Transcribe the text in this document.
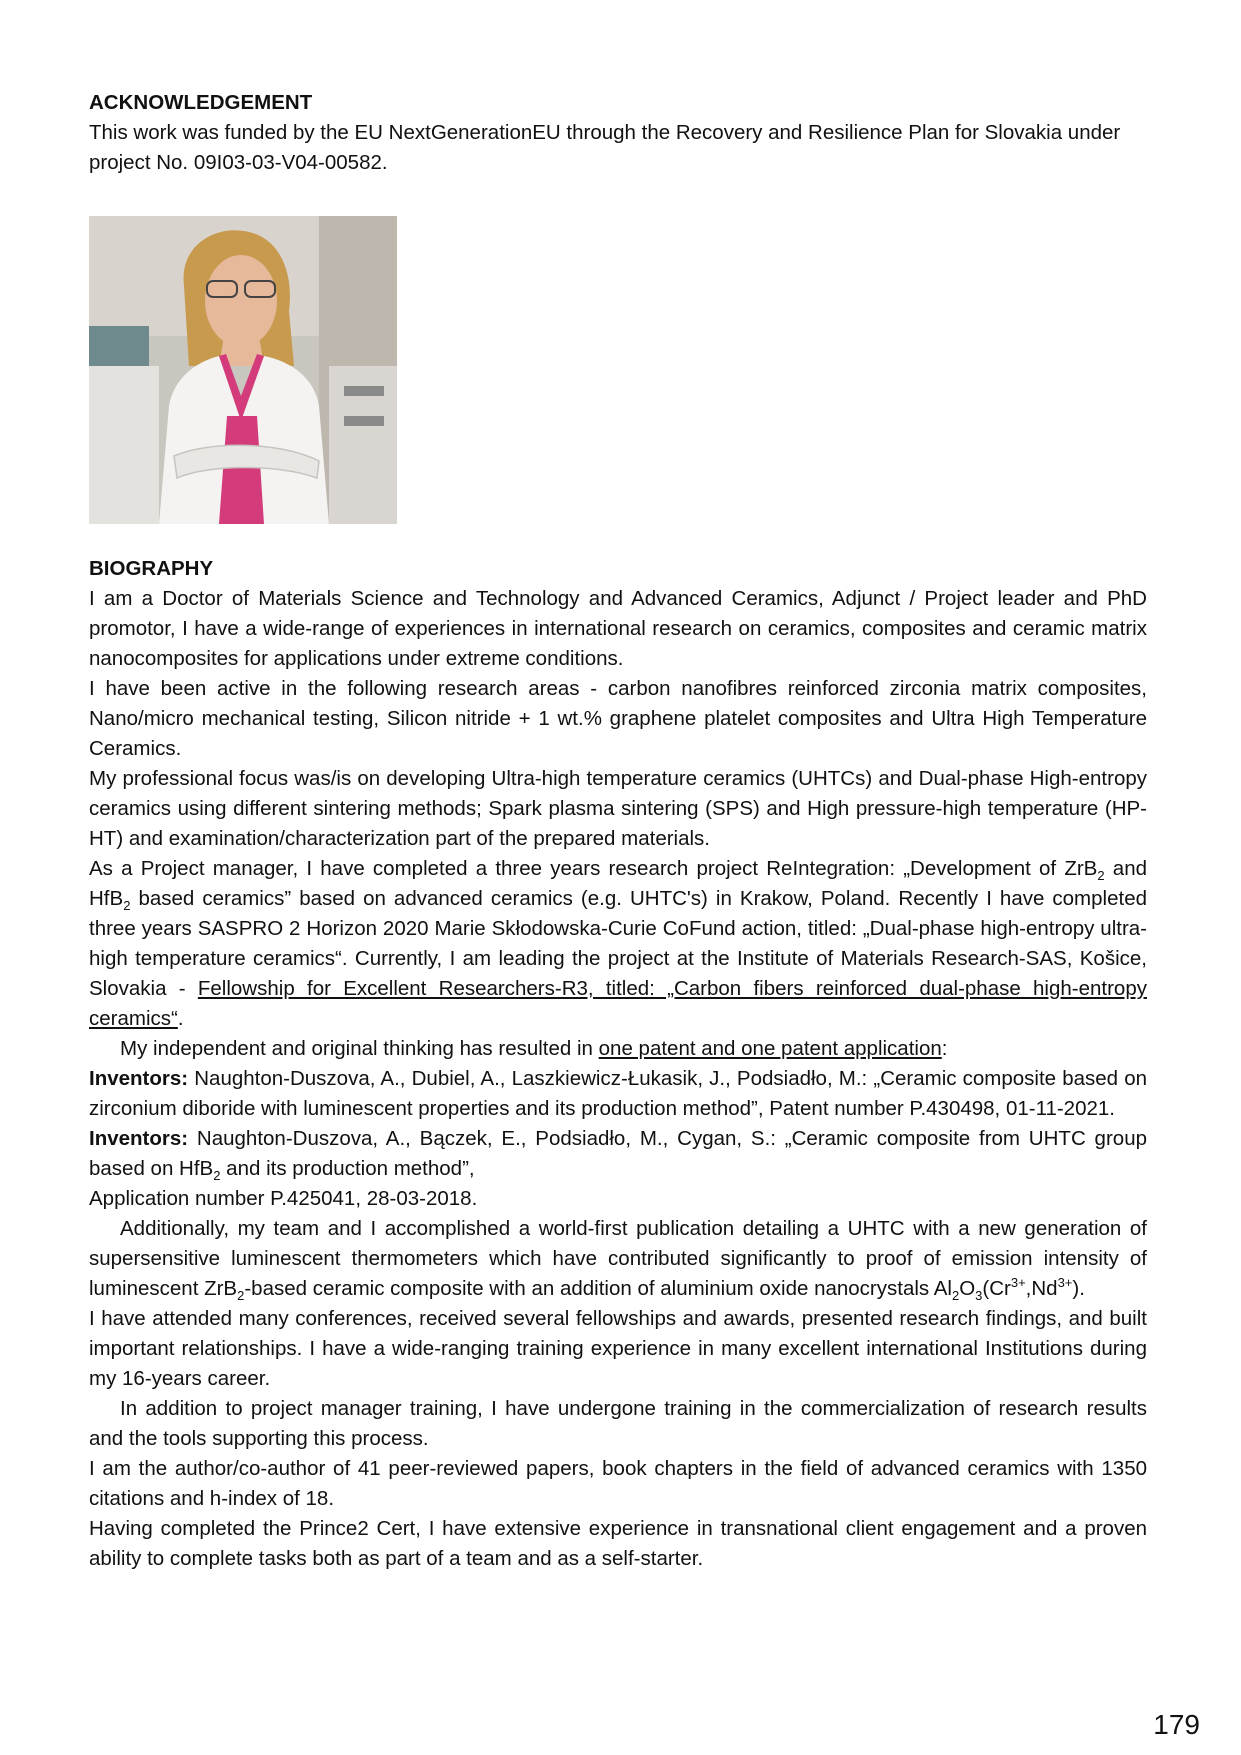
ACKNOWLEDGEMENT

This work was funded by the EU NextGenerationEU through the Recovery and Resilience Plan for Slovakia under project No. 09I03-03-V04-00582.

BIOGRAPHY

I am a Doctor of Materials Science and Technology and Advanced Ceramics, Adjunct / Project leader and PhD promotor, I have a wide-range of experiences in international research on ceramics, composites and ceramic matrix nanocomposites for applications under extreme conditions.

I have been active in the following research areas - carbon nanofibres reinforced zirconia matrix composites, Nano/micro mechanical testing, Silicon nitride + 1 wt.% graphene platelet composites and Ultra High Temperature Ceramics.

My professional focus was/is on developing Ultra-high temperature ceramics (UHTCs) and Dual-phase High-entropy ceramics using different sintering methods; Spark plasma sintering (SPS) and High pressure-high temperature (HP-HT) and examination/characterization part of the prepared materials.

As a Project manager, I have completed a three years research project ReIntegration: „Development of ZrB$_2$ and HfB$_2$ based ceramics” based on advanced ceramics (e.g. UHTC's) in Krakow, Poland. Recently I have completed three years SASPRO 2 Horizon 2020 Marie Skłodowska-Curie CoFund action, titled: „Dual-phase high-entropy ultra-high temperature ceramics“. Currently, I am leading the project at the Institute of Materials Research-SAS, Košice, Slovakia - Fellowship for Excellent Researchers-R3, titled: „Carbon fibers reinforced dual-phase high-entropy ceramics“.

My independent and original thinking has resulted in one patent and one patent application:

Inventors: Naughton-Duszova, A., Dubiel, A., Laszkiewicz-Łukasik, J., Podsiadło, M.: „Ceramic composite based on zirconium diboride with luminescent properties and its production method”, Patent number P.430498, 01-11-2021.

Inventors: Naughton-Duszova, A., Bączek, E., Podsiadło, M., Cygan, S.: „Ceramic composite from UHTC group based on HfB$_2$ and its production method”,

Application number P.425041, 28-03-2018.

Additionally, my team and I accomplished a world-first publication detailing a UHTC with a new generation of supersensitive luminescent thermometers which have contributed significantly to proof of emission intensity of luminescent ZrB$_2$-based ceramic composite with an addition of aluminium oxide nanocrystals $Al_2O_3(Cr^{3+},Nd^{3+})$.

I have attended many conferences, received several fellowships and awards, presented research findings, and built important relationships. I have a wide-ranging training experience in many excellent international Institutions during my 16-years career.

In addition to project manager training, I have undergone training in the commercialization of research results and the tools supporting this process.

I am the author/co-author of 41 peer-reviewed papers, book chapters in the field of advanced ceramics with 1350 citations and h-index of 18.

Having completed the Prince2 Cert, I have extensive experience in transnational client engagement and a proven ability to complete tasks both as part of a team and as a self-starter.

179
